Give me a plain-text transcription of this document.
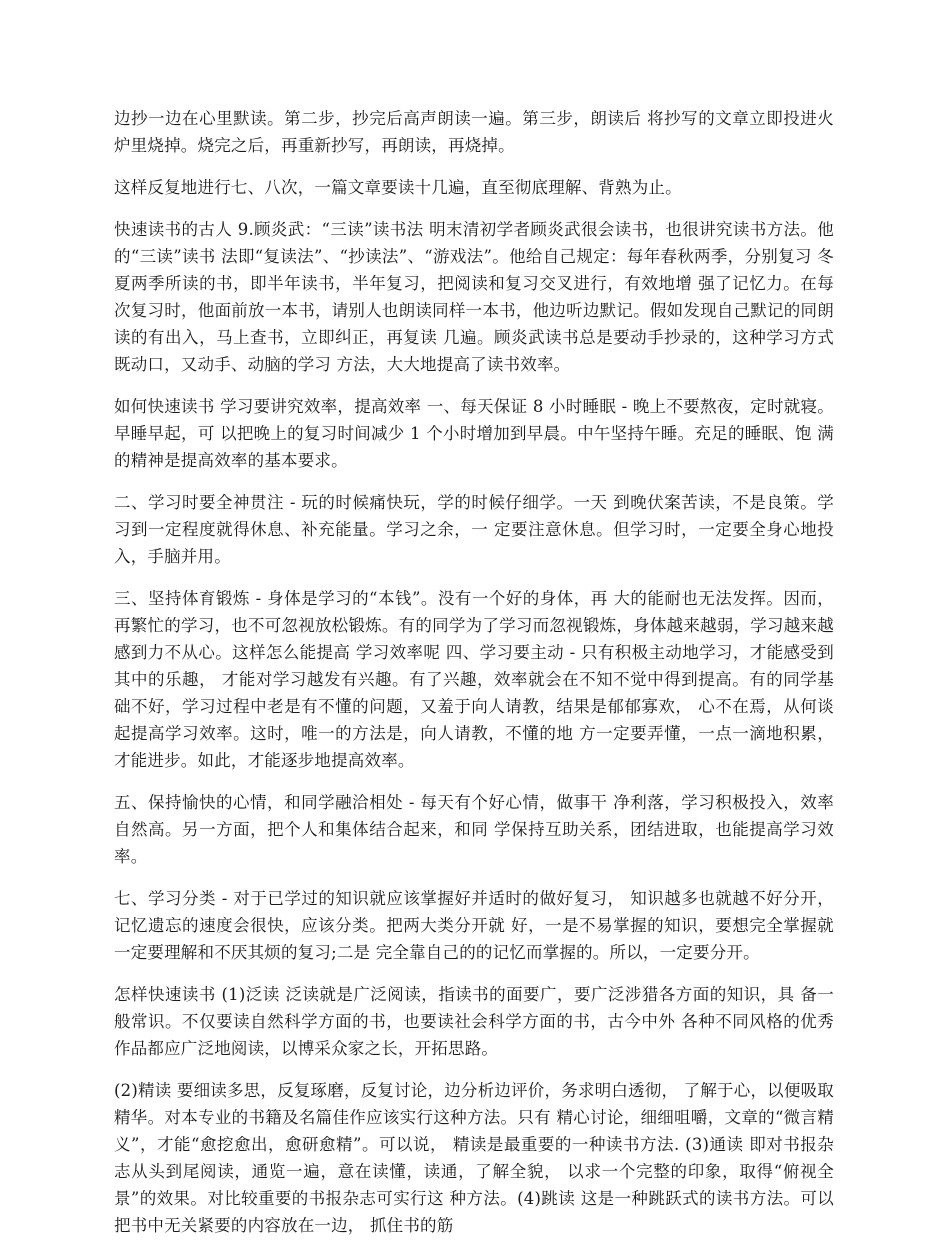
边抄一边在心里默读。第二步，抄完后高声朗读一遍。第三步，朗读后 将抄写的文章立即投进火炉里烧掉。烧完之后，再重新抄写，再朗读，再烧掉。

这样反复地进行七、八次，一篇文章要读十几遍，直至彻底理解、背熟为止。

快速读书的古人 9.顾炎武：“三读”读书法 明末清初学者顾炎武很会读书，也很讲究读书方法。他的“三读”读书 法即“复读法”、“抄读法”、“游戏法”。他给自己规定：每年春秋两季，分别复习 冬夏两季所读的书，即半年读书，半年复习，把阅读和复习交叉进行，有效地增 强了记忆力。在每次复习时，他面前放一本书，请别人也朗读同样一本书，他边听边默记。假如发现自己默记的同朗读的有出入，马上查书，立即纠正，再复读 几遍。顾炎武读书总是要动手抄录的，这种学习方式既动口，又动手、动脑的学习 方法，大大地提高了读书效率。

如何快速读书 学习要讲究效率，提高效率 一、每天保证 8 小时睡眠 - 晚上不要熬夜，定时就寝。早睡早起，可 以把晚上的复习时间减少 1 个小时增加到早晨。中午坚持午睡。充足的睡眠、饱 满的精神是提高效率的基本要求。

二、学习时要全神贯注 - 玩的时候痛快玩，学的时候仔细学。一天 到晚伏案苦读，不是良策。学习到一定程度就得休息、补充能量。学习之余，一 定要注意休息。但学习时，一定要全身心地投入，手脑并用。

三、坚持体育锻炼 - 身体是学习的“本钱”。没有一个好的身体，再 大的能耐也无法发挥。因而，再繁忙的学习，也不可忽视放松锻炼。有的同学为了学习而忽视锻炼，身体越来越弱，学习越来越感到力不从心。这样怎么能提高 学习效率呢 四、学习要主动 - 只有积极主动地学习，才能感受到其中的乐趣， 才能对学习越发有兴趣。有了兴趣，效率就会在不知不觉中得到提高。有的同学基础不好，学习过程中老是有不懂的问题，又羞于向人请教，结果是郁郁寡欢， 心不在焉，从何谈起提高学习效率。这时，唯一的方法是，向人请教，不懂的地 方一定要弄懂，一点一滴地积累，才能进步。如此，才能逐步地提高效率。

五、保持愉快的心情，和同学融洽相处 - 每天有个好心情，做事干 净利落，学习积极投入，效率自然高。另一方面，把个人和集体结合起来，和同 学保持互助关系，团结进取，也能提高学习效率。

七、学习分类 - 对于已学过的知识就应该掌握好并适时的做好复习， 知识越多也就越不好分开，记忆遗忘的速度会很快，应该分类。把两大类分开就 好，一是不易掌握的知识，要想完全掌握就一定要理解和不厌其烦的复习;二是 完全靠自己的的记忆而掌握的。所以，一定要分开。

怎样快速读书 (1)泛读 泛读就是广泛阅读，指读书的面要广，要广泛涉猎各方面的知识，具 备一般常识。不仅要读自然科学方面的书，也要读社会科学方面的书，古今中外 各种不同风格的优秀作品都应广泛地阅读，以博采众家之长，开拓思路。

(2)精读 要细读多思，反复琢磨，反复讨论，边分析边评价，务求明白透彻， 了解于心，以便吸取精华。对本专业的书籍及名篇佳作应该实行这种方法。只有 精心讨论，细细咀嚼，文章的“微言精义”，才能“愈挖愈出，愈研愈精”。可以说， 精读是最重要的一种读书方法. (3)通读 即对书报杂志从头到尾阅读，通览一遍，意在读懂，读通，了解全貌， 以求一个完整的印象，取得“俯视全景”的效果。对比较重要的书报杂志可实行这 种方法。(4)跳读 这是一种跳跃式的读书方法。可以把书中无关紧要的内容放在一边， 抓住书的筋
